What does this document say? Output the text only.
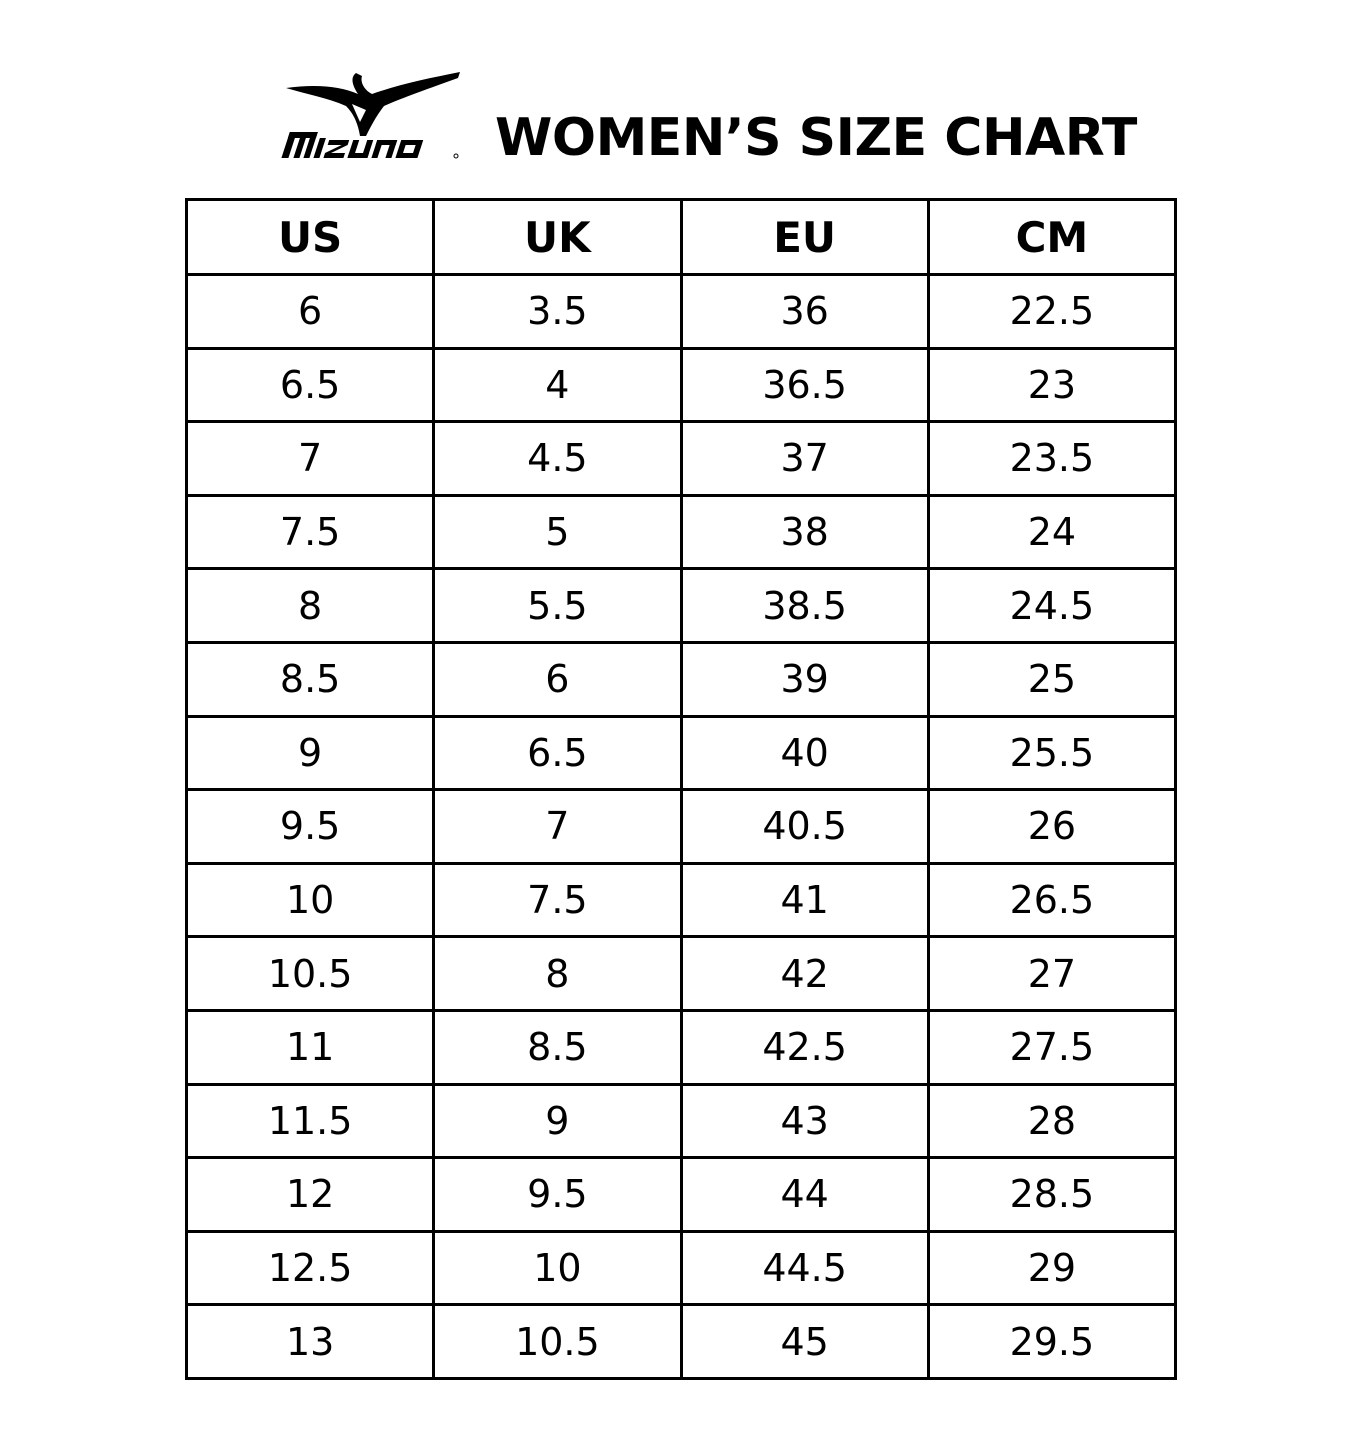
WOMEN’S SIZE CHART
US	UK	EU	CM
6	3.5	36	22.5
6.5	4	36.5	23
7	4.5	37	23.5
7.5	5	38	24
8	5.5	38.5	24.5
8.5	6	39	25
9	6.5	40	25.5
9.5	7	40.5	26
10	7.5	41	26.5
10.5	8	42	27
11	8.5	42.5	27.5
11.5	9	43	28
12	9.5	44	28.5
12.5	10	44.5	29
13	10.5	45	29.5
